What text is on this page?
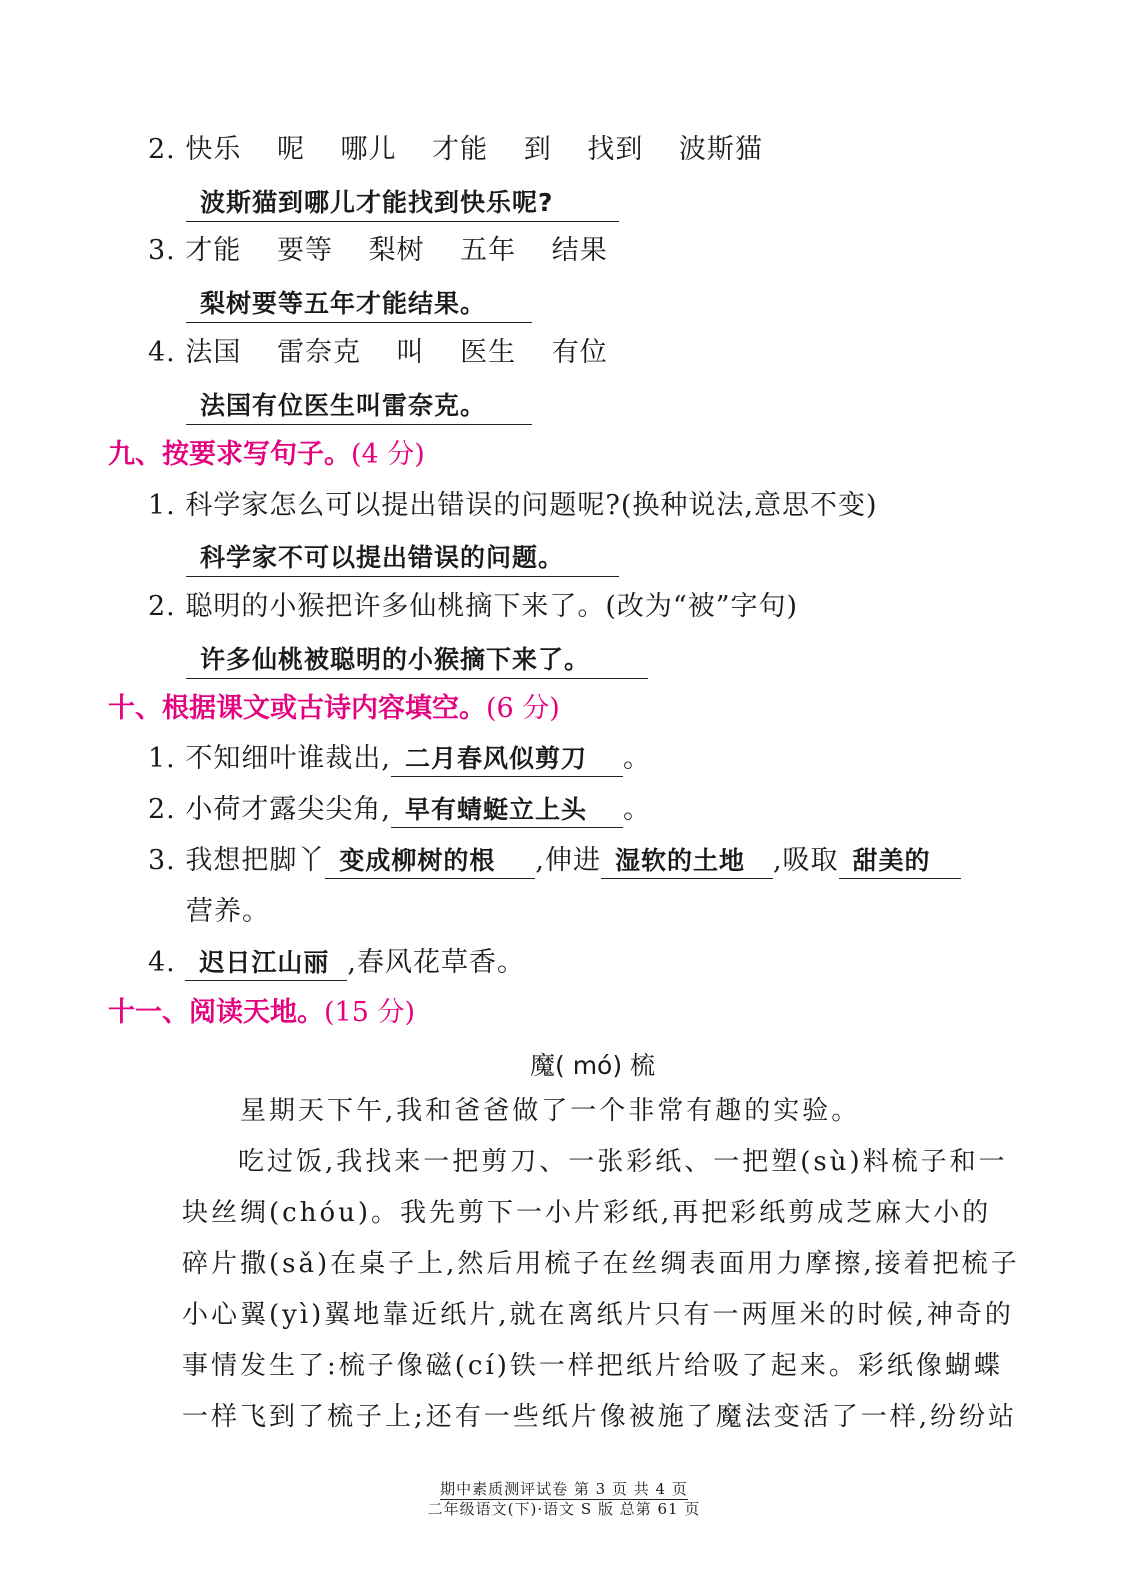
2. 快乐 呢 哪儿 才能 到 找到 波斯猫
波斯猫到哪儿才能找到快乐呢?
3. 才能 要等 梨树 五年 结果
梨树要等五年才能结果。
4. 法国 雷奈克 叫 医生 有位
法国有位医生叫雷奈克。
九、按要求写句子。(4 分)
1. 科学家怎么可以提出错误的问题呢?(换种说法,意思不变)
科学家不可以提出错误的问题。
2. 聪明的小猴把许多仙桃摘下来了。(改为“被”字句)
许多仙桃被聪明的小猴摘下来了。
十、根据课文或古诗内容填空。(6 分)
1. 不知细叶谁裁出, 二月春风似剪刀 。
2. 小荷才露尖尖角, 早有蜻蜓立上头 。
3. 我想把脚丫 变成柳树的根 ,伸进 湿软的土地 ,吸取 甜美的
营养。
4. 迟日江山丽 ,春风花草香。
十一、阅读天地。(15 分)
魔( mó) 梳
星期天下午,我和爸爸做了一个非常有趣的实验。
吃过饭,我找来一把剪刀、一张彩纸、一把塑(sù)料梳子和一块丝绸(chóu)。我先剪下一小片彩纸,再把彩纸剪成芝麻大小的碎片撒(sǎ)在桌子上,然后用梳子在丝绸表面用力摩擦,接着把梳子小心翼(yì)翼地靠近纸片,就在离纸片只有一两厘米的时候,神奇的事情发生了:梳子像磁(cí)铁一样把纸片给吸了起来。彩纸像蝴蝶一样飞到了梳子上;还有一些纸片像被施了魔法变活了一样,纷纷站
期中素质测评试卷 第 3 页 共 4 页
二年级语文(下)·语文 S 版 总第 61 页
